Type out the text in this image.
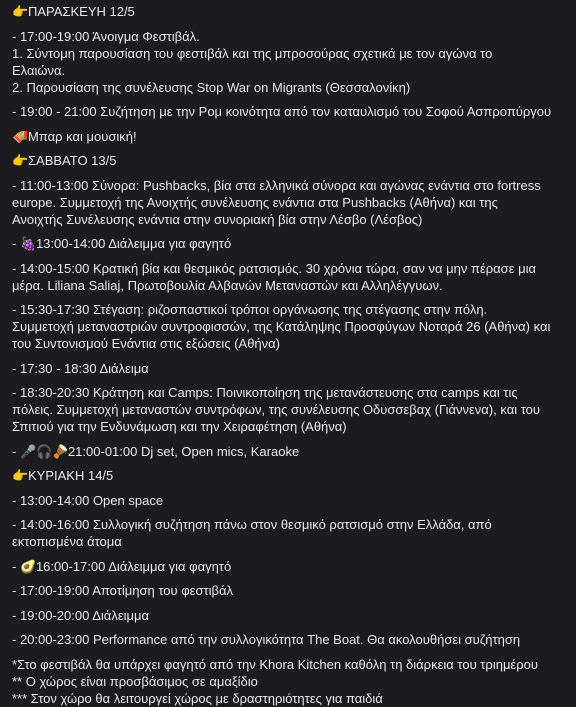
👉ΠΑΡΑΣΚΕΥΗ 12/5

- 17:00-19:00 Άνοιγμα Φεστιβάλ.

1. Σύντομη παρουσίαση του φεστιβάλ και της μπροσούρας σχετικά με τον αγώνα το

Ελαιώνα.

2. Παρουσίαση της συνέλευσης Stop War on Migrants (Θεσσαλονίκη)

- 19:00 - 21:00 Συζήτηση με την Ρομ κοινότητα από τον καταυλισμό του Σοφού Ασπροπύργου

🪗Μπαρ και μουσική!

👉ΣΑΒΒΑΤΟ 13/5

- 11:00-13:00 Σύνορα: Pushbacks, βία στα ελληνικά σύνορα και αγώνας ενάντια στο fortress

europe. Συμμετοχή της Ανοιχτής συνέλευσης ενάντια στα Pushbacks (Αθήνα) και της

Ανοιχτής Συνέλευσης ενάντια στην συνοριακή βία στην Λέσβο (Λέσβος)

- 🍇13:00-14:00 Διάλειμμα για φαγητό

- 14:00-15:00 Κρατική βία και θεσμικός ρατσισμός. 30 χρόνια τώρα, σαν να μην πέρασε μια

μέρα. Liliana Saliaj, Πρωτοβουλία Αλβανών Μεταναστών και Αλληλέγγυων.

- 15:30-17:30 Στέγαση: ριζοσπαστικοί τρόποι οργάνωσης της στέγασης στην πόλη.

Συμμετοχή μεταναστριών συντροφισσών, της Κατάληψης Προσφύγων Νοταρά 26 (Αθήνα) και

του Συντονισμού Ενάντια στις εξώσεις (Αθήνα)

- 17:30 - 18:30 Διάλειμα

- 18:30-20:30 Κράτηση και Camps: Ποινικοποίηση της μετανάστευσης στα camps και τις

πόλεις. Συμμετοχή μεταναστών συντρόφων, της συνέλευσης Οδυσσεβαχ (Γιάννενα), και του

Σπιτιού για την Ενδυνάμωση και την Χειραφέτηση (Αθήνα)

- 🎤🎧🪘21:00-01:00 Dj set, Open mics, Karaoke

👉ΚΥΡΙΑΚΗ 14/5

- 13:00-14:00 Open space

- 14:00-16:00 Συλλογική συζήτηση πάνω στον θεσμικό ρατσισμό στην Ελλάδα, από

εκτοπισμένα άτομα

- 🥑16:00-17:00 Διάλειμμα για φαγητό

- 17:00-19:00 Αποτίμηση του φεστιβάλ

- 19:00-20:00 Διάλειμμα

- 20:00-23:00 Performance από την συλλογικότητα The Boat. Θα ακολουθήσει συζήτηση

*Στο φεστιβάλ θα υπάρχει φαγητό από την Khora Kitchen καθόλη τη διάρκεια του τριημέρου

** Ο χώρος είναι προσβάσιμος σε αμαξίδιο

*** Στον χώρο θα λειτουργεί χώρος με δραστηριότητες για παιδιά
